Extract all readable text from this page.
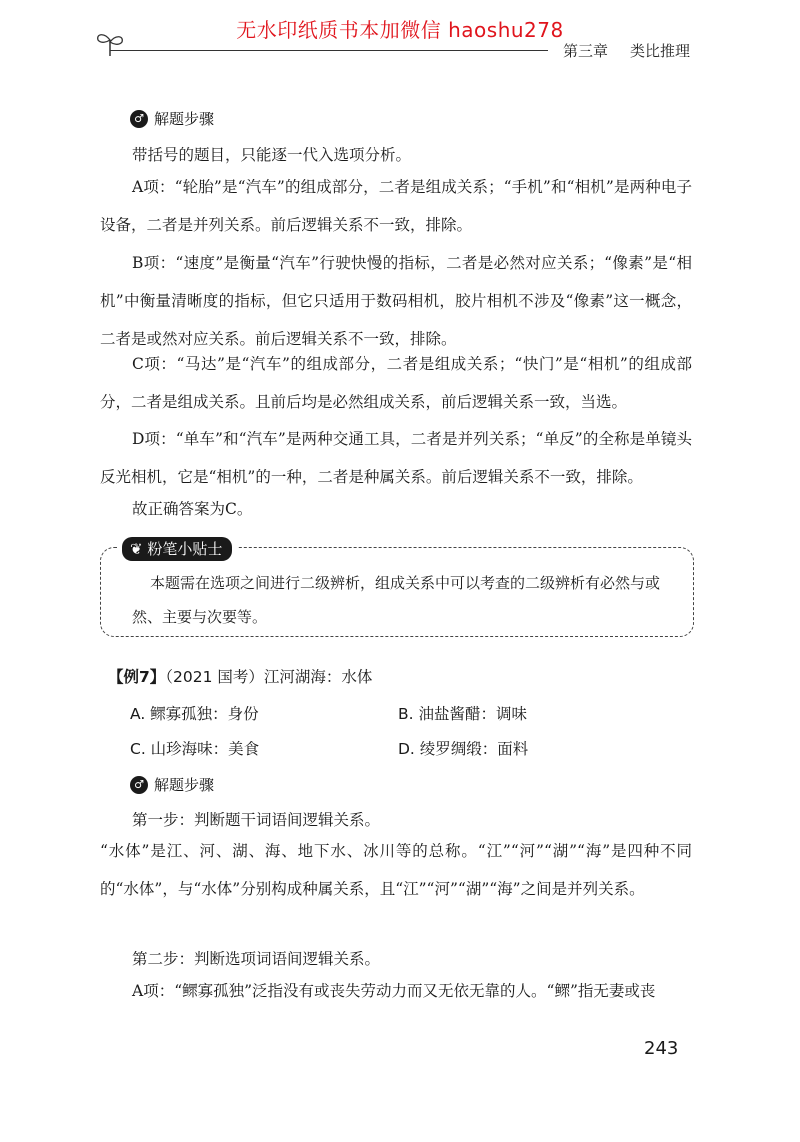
无水印纸质书本加微信 haoshu278
第三章 类比推理
♂ 解题步骤
带括号的题目，只能逐一代入选项分析。
A项：“轮胎”是“汽车”的组成部分，二者是组成关系；“手机”和“相机”是两种电子设备，二者是并列关系。前后逻辑关系不一致，排除。
B项：“速度”是衡量“汽车”行驶快慢的指标，二者是必然对应关系；“像素”是“相机”中衡量清晰度的指标，但它只适用于数码相机，胶片相机不涉及“像素”这一概念，二者是或然对应关系。前后逻辑关系不一致，排除。
C项：“马达”是“汽车”的组成部分，二者是组成关系；“快门”是“相机”的组成部分，二者是组成关系。且前后均是必然组成关系，前后逻辑关系一致，当选。
D项：“单车”和“汽车”是两种交通工具，二者是并列关系；“单反”的全称是单镜头反光相机，它是“相机”的一种，二者是种属关系。前后逻辑关系不一致，排除。
故正确答案为C。
❦ 粉笔小贴士
本题需在选项之间进行二级辨析，组成关系中可以考查的二级辨析有必然与或然、主要与次要等。
【例7】（2021 国考）江河湖海：水体
A. 鳏寡孤独：身份	B. 油盐酱醋：调味
C. 山珍海味：美食	D. 绫罗绸缎：面料
♂ 解题步骤
第一步：判断题干词语间逻辑关系。
“水体”是江、河、湖、海、地下水、冰川等的总称。“江”“河”“湖”“海”是四种不同的“水体”，与“水体”分别构成种属关系，且“江”“河”“湖”“海”之间是并列关系。
第二步：判断选项词语间逻辑关系。
A项：“鳏寡孤独”泛指没有或丧失劳动力而又无依无靠的人。“鳏”指无妻或丧
243
